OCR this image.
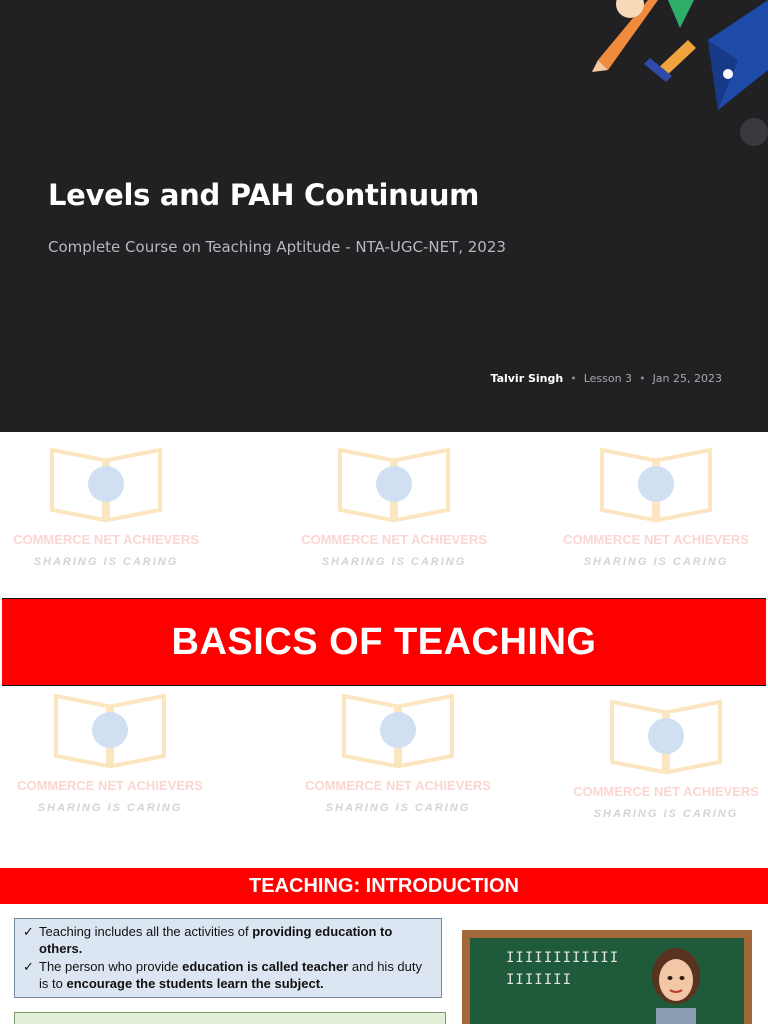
Levels and PAH Continuum
Complete Course on Teaching Aptitude - NTA-UGC-NET, 2023
Talvir Singh • Lesson 3 • Jan 25, 2023
COMMERCE NET ACHIEVERS
SHARING IS CARING
COMMERCE NET ACHIEVERS
SHARING IS CARING
COMMERCE NET ACHIEVERS
SHARING IS CARING
BASICS OF TEACHING
COMMERCE NET ACHIEVERS
SHARING IS CARING
COMMERCE NET ACHIEVERS
SHARING IS CARING
COMMERCE NET ACHIEVERS
SHARING IS CARING
TEACHING: INTRODUCTION
✓ Teaching includes all the activities of providing education to others.
✓ The person who provide education is called teacher and his duty is to encourage the students learn the subject.
IIIIIIIIIIII
IIIIIII
